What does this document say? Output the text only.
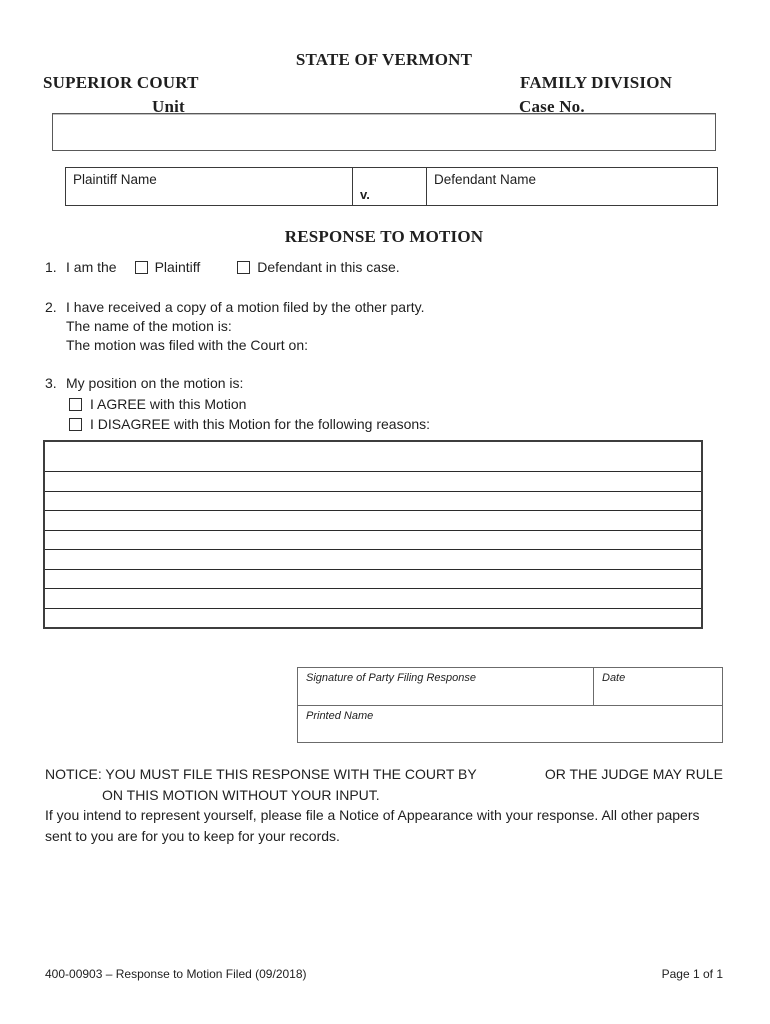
STATE OF VERMONT
SUPERIOR COURT	FAMILY DIVISION
Unit	Case No.
Plaintiff Name
v.
Defendant Name
RESPONSE TO MOTION
1. I am the	Plaintiff	Defendant in this case.
2. I have received a copy of a motion filed by the other party.
The name of the motion is:
The motion was filed with the Court on:
3. My position on the motion is:
I AGREE with this Motion
I DISAGREE with this Motion for the following reasons:
Signature of Party Filing Response	Date
Printed Name
NOTICE: YOU MUST FILE THIS RESPONSE WITH THE COURT BY	OR THE JUDGE MAY RULE
ON THIS MOTION WITHOUT YOUR INPUT.
If you intend to represent yourself, please file a Notice of Appearance with your response. All other papers
sent to you are for you to keep for your records.
400-00903 – Response to Motion Filed (09/2018)	Page 1 of 1
